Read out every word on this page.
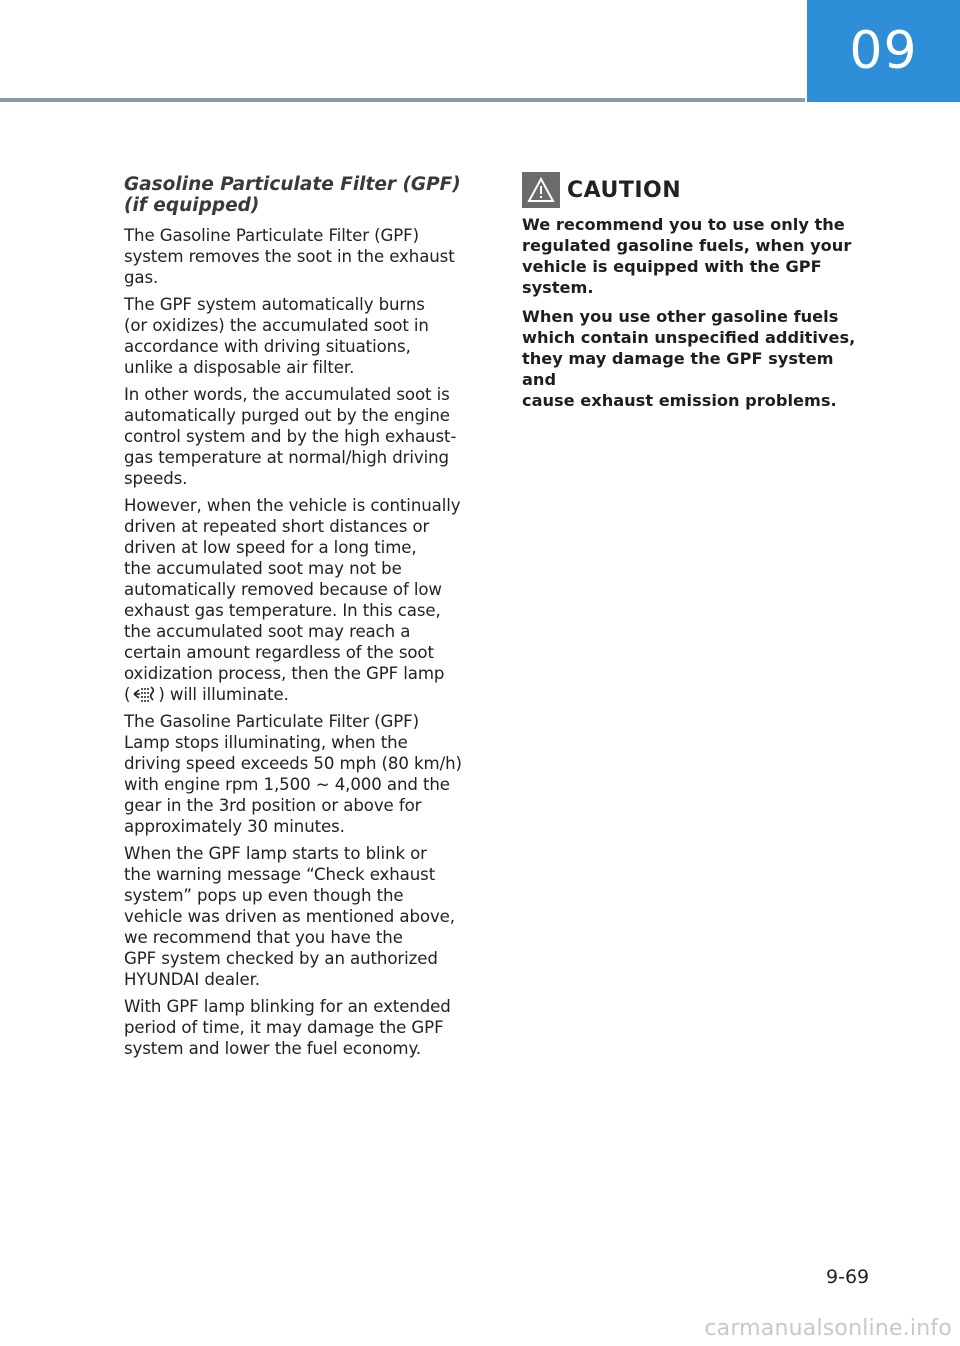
09
Gasoline Particulate Filter (GPF)
(if equipped)

The Gasoline Particulate Filter (GPF)
system removes the soot in the exhaust
gas.

The GPF system automatically burns
(or oxidizes) the accumulated soot in
accordance with driving situations,
unlike a disposable air filter.

In other words, the accumulated soot is
automatically purged out by the engine
control system and by the high exhaust-
gas temperature at normal/high driving
speeds.

However, when the vehicle is continually
driven at repeated short distances or
driven at low speed for a long time,
the accumulated soot may not be
automatically removed because of low
exhaust gas temperature. In this case,
the accumulated soot may reach a
certain amount regardless of the soot
oxidization process, then the GPF lamp

( ) will illuminate.

The Gasoline Particulate Filter (GPF)
Lamp stops illuminating, when the
driving speed exceeds 50 mph (80 km/h)
with engine rpm 1,500 ~ 4,000 and the
gear in the 3rd position or above for
approximately 30 minutes.

When the GPF lamp starts to blink or
the warning message “Check exhaust
system” pops up even though the
vehicle was driven as mentioned above,
we recommend that you have the
GPF system checked by an authorized
HYUNDAI dealer.

With GPF lamp blinking for an extended
period of time, it may damage the GPF
system and lower the fuel economy.

CAUTION

We recommend you to use only the
regulated gasoline fuels, when your
vehicle is equipped with the GPF
system.

When you use other gasoline fuels
which contain unspecified additives,
they may damage the GPF system and
cause exhaust emission problems.

9-69
carmanualsonline.info
